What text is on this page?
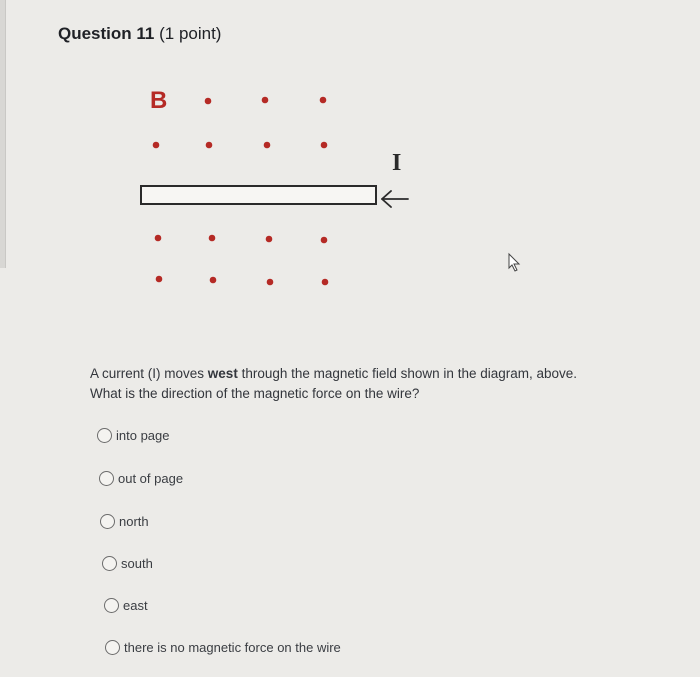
Question 11 (1 point)
B
I
A current (I) moves west through the magnetic field shown in the diagram, above.
What is the direction of the magnetic force on the wire?
into page
out of page
north
south
east
there is no magnetic force on the wire
